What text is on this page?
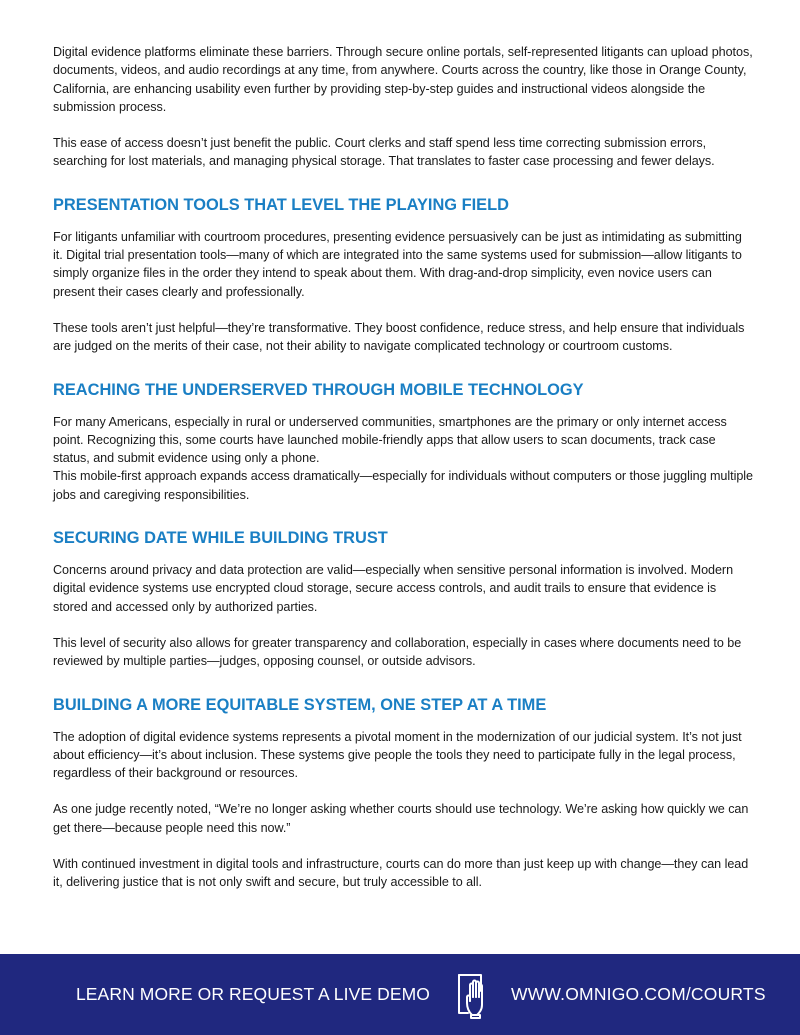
Digital evidence platforms eliminate these barriers. Through secure online portals, self-represented litigants can upload photos, documents, videos, and audio recordings at any time, from anywhere. Courts across the country, like those in Orange County, California, are enhancing usability even further by providing step-by-step guides and instructional videos alongside the submission process.

This ease of access doesn’t just benefit the public. Court clerks and staff spend less time correcting submission errors, searching for lost materials, and managing physical storage. That translates to faster case processing and fewer delays.

PRESENTATION TOOLS THAT LEVEL THE PLAYING FIELD

For litigants unfamiliar with courtroom procedures, presenting evidence persuasively can be just as intimidating as submitting it. Digital trial presentation tools—many of which are integrated into the same systems used for submission—allow litigants to simply organize files in the order they intend to speak about them. With drag-and-drop simplicity, even novice users can present their cases clearly and professionally.

These tools aren’t just helpful—they’re transformative. They boost confidence, reduce stress, and help ensure that individuals are judged on the merits of their case, not their ability to navigate complicated technology or courtroom customs.

REACHING THE UNDERSERVED THROUGH MOBILE TECHNOLOGY

For many Americans, especially in rural or underserved communities, smartphones are the primary or only internet access point. Recognizing this, some courts have launched mobile-friendly apps that allow users to scan documents, track case status, and submit evidence using only a phone.

This mobile-first approach expands access dramatically—especially for individuals without computers or those juggling multiple jobs and caregiving responsibilities.

SECURING DATE WHILE BUILDING TRUST

Concerns around privacy and data protection are valid—especially when sensitive personal information is involved. Modern digital evidence systems use encrypted cloud storage, secure access controls, and audit trails to ensure that evidence is stored and accessed only by authorized parties.

This level of security also allows for greater transparency and collaboration, especially in cases where documents need to be reviewed by multiple parties—judges, opposing counsel, or outside advisors.

BUILDING A MORE EQUITABLE SYSTEM, ONE STEP AT A TIME

The adoption of digital evidence systems represents a pivotal moment in the modernization of our judicial system. It’s not just about efficiency—it’s about inclusion. These systems give people the tools they need to participate fully in the legal process, regardless of their background or resources.

As one judge recently noted, “We’re no longer asking whether courts should use technology. We’re asking how quickly we can get there—because people need this now.”

With continued investment in digital tools and infrastructure, courts can do more than just keep up with change—they can lead it, delivering justice that is not only swift and secure, but truly accessible to all.

LEARN MORE OR REQUEST A LIVE DEMO	WWW.OMNIGO.COM/COURTS
